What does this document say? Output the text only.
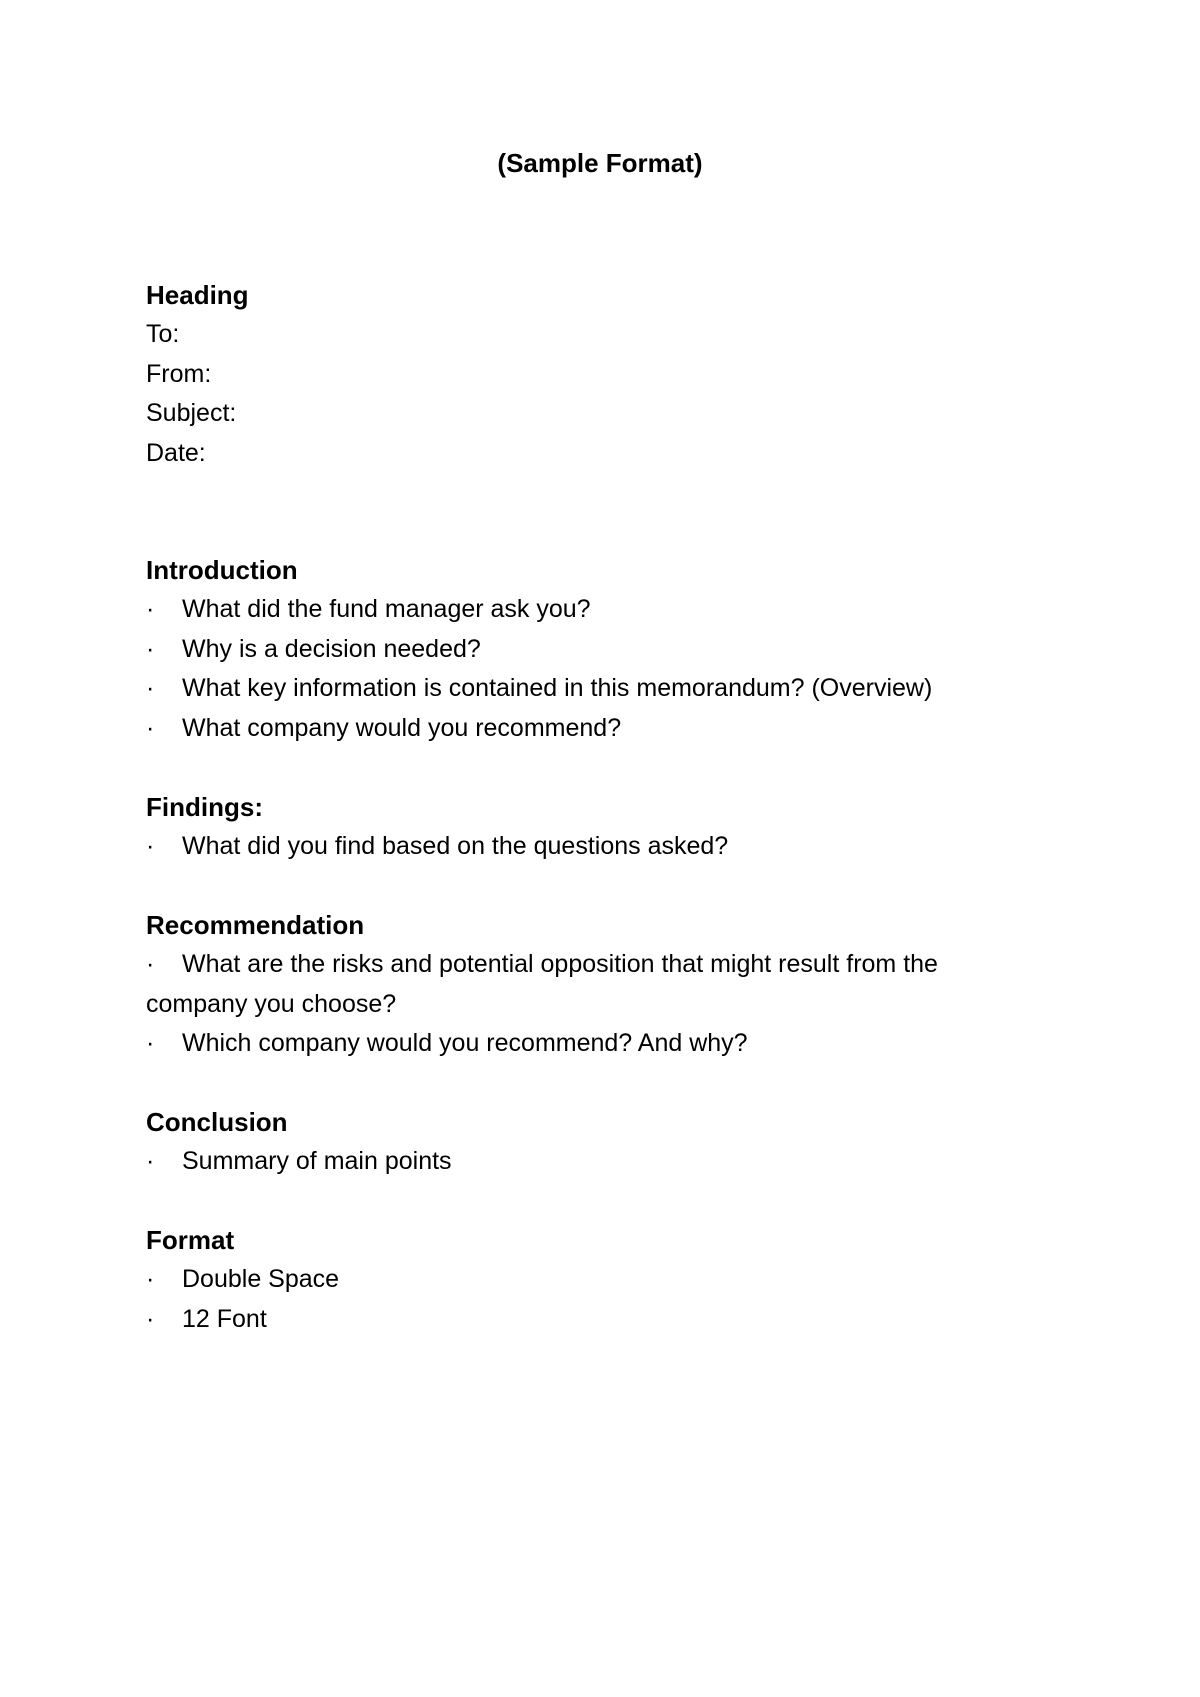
(Sample Format)
Heading

To:

From:

Subject:

Date:

Introduction
·	What did the fund manager ask you?
·	Why is a decision needed?
·	What key information is contained in this memorandum? (Overview)
·	What company would you recommend?
Findings:
·	What did you find based on the questions asked?
Recommendation
· What are the risks and potential opposition that might result from the company you choose?
·	Which company would you recommend? And why?
Conclusion
·	Summary of main points
Format
·	Double Space
·	12 Font
